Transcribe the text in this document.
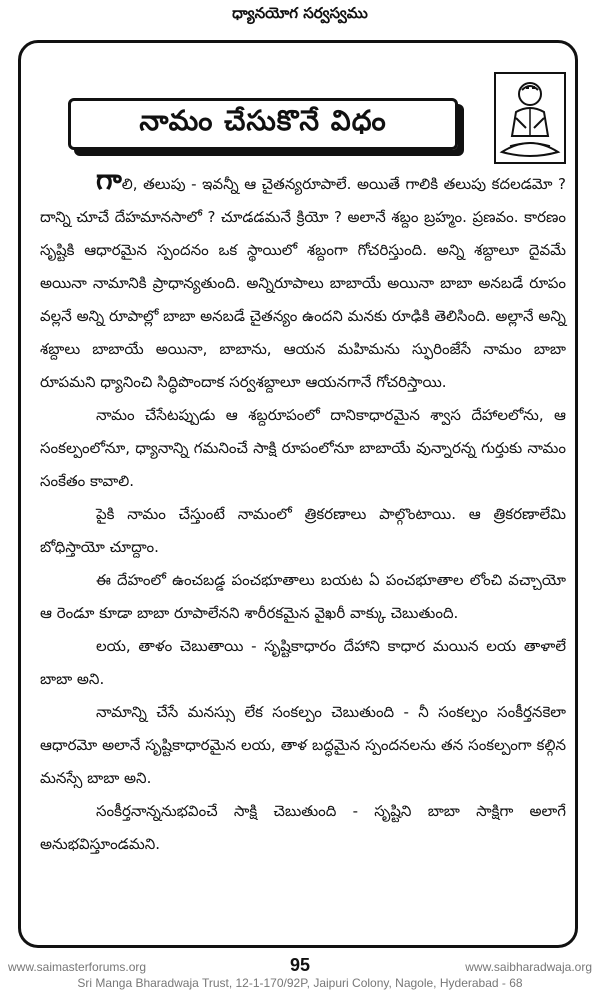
ధ్యానయోగ సర్వస్వము
నామం చేసుకొనే విధం

గాలి, తలుపు - ఇవన్నీ ఆ చైతన్యరూపాలే. అయితే గాలికి తలుపు కదలడమో ? దాన్ని చూచే దేహమానసాలో ? చూడడమనే క్రియో ? అలానే శబ్దం బ్రహ్మం. ప్రణవం. కారణం సృష్టికి ఆధారమైన స్పందనం ఒక స్థాయిలో శబ్దంగా గోచరిస్తుంది. అన్ని శబ్దాలూ దైవమే అయినా నామానికి ప్రాధాన్యతుంది. అన్నిరూపాలు బాబాయే అయినా బాబా అనబడే రూపం వల్లనే అన్ని రూపాల్లో బాబా అనబడే చైతన్యం ఉందని మనకు రూఢికి తెలిసింది. అల్లానే అన్ని శబ్దాలు బాబాయే అయినా, బాబాను, ఆయన మహిమను స్ఫురింజేసే నామం బాబా రూపమని ధ్యానించి సిద్ధిపొందాక సర్వశబ్దాలూ ఆయనగానే గోచరిస్తాయి.

నామం చేసేటప్పుడు ఆ శబ్దరూపంలో దానికాధారమైన శ్వాస దేహాలలోను, ఆ సంకల్పంలోనూ, ధ్యానాన్ని గమనించే సాక్షి రూపంలోనూ బాబాయే వున్నారన్న గుర్తుకు నామం సంకేతం కావాలి.

పైకి నామం చేస్తుంటే నామంలో త్రికరణాలు పాల్గొంటాయి. ఆ త్రికరణాలేమి బోధిస్తాయో చూద్దాం.

ఈ దేహంలో ఉంచబడ్డ పంచభూతాలు బయట ఏ పంచభూతాల లోంచి వచ్చాయో ఆ రెండూ కూడా బాబా రూపాలేనని శారీరకమైన వైఖరీ వాక్కు చెబుతుంది.

లయ, తాళం చెబుతాయి - సృష్టికాధారం దేహాని కాధార మయిన లయ తాళాలే బాబా అని.

నామాన్ని చేసే మనస్సు లేక సంకల్పం చెబుతుంది - నీ సంకల్పం సంకీర్తనకెలా ఆధారమో అలానే సృష్టికాధారమైన లయ, తాళ బద్ధమైన స్పందనలను తన సంకల్పంగా కల్గిన మనస్సే బాబా అని.

సంకీర్తనాన్ననుభవించే సాక్షి చెబుతుంది - సృష్టిని బాబా సాక్షిగా అలాగే అనుభవిస్తూండమని.

95
www.saimasterforums.org	www.saibharadwaja.org
Sri Manga Bharadwaja Trust, 12-1-170/92P, Jaipuri Colony, Nagole, Hyderabad - 68
